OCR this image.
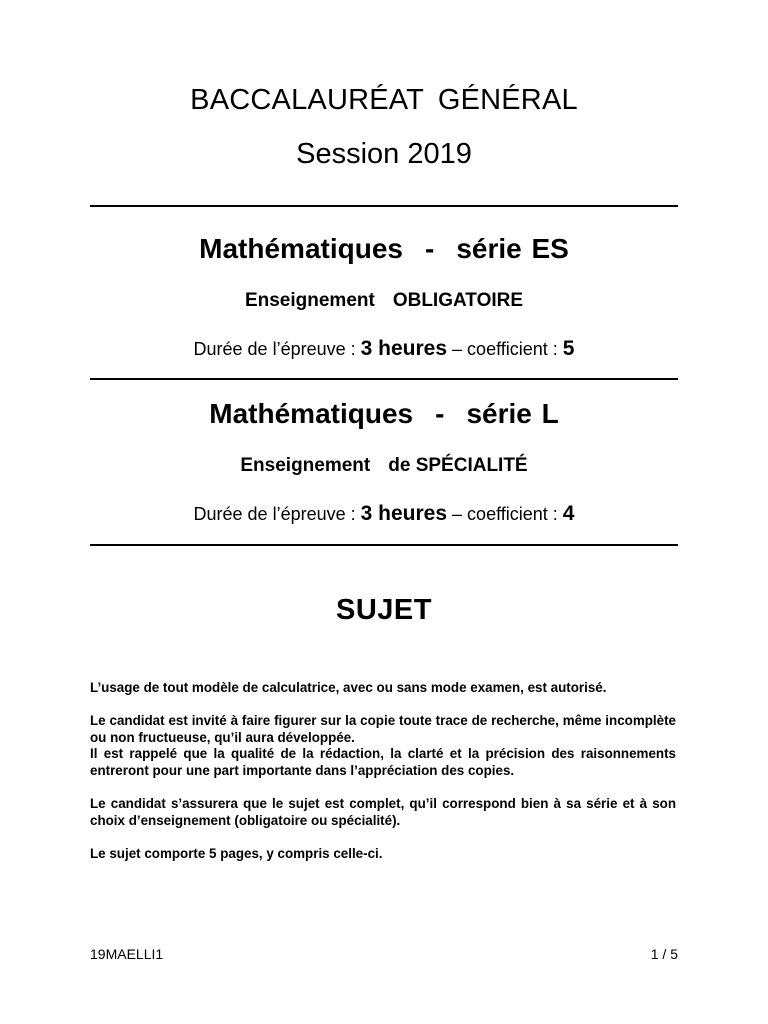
BACCALAURÉAT GÉNÉRAL
Session 2019
Mathématiques - série ES
Enseignement OBLIGATOIRE
Durée de l’épreuve : 3 heures – coefficient : 5
Mathématiques - série L
Enseignement de SPÉCIALITÉ
Durée de l’épreuve : 3 heures – coefficient : 4
SUJET

L’usage de tout modèle de calculatrice, avec ou sans mode examen, est autorisé.

Le candidat est invité à faire figurer sur la copie toute trace de recherche, même incomplète ou non fructueuse, qu’il aura développée.

Il est rappelé que la qualité de la rédaction, la clarté et la précision des raisonnements entreront pour une part importante dans l’appréciation des copies.

Le candidat s’assurera que le sujet est complet, qu’il correspond bien à sa série et à son choix d’enseignement (obligatoire ou spécialité).

Le sujet comporte 5 pages, y compris celle-ci.

19MAELLI1	1 / 5
